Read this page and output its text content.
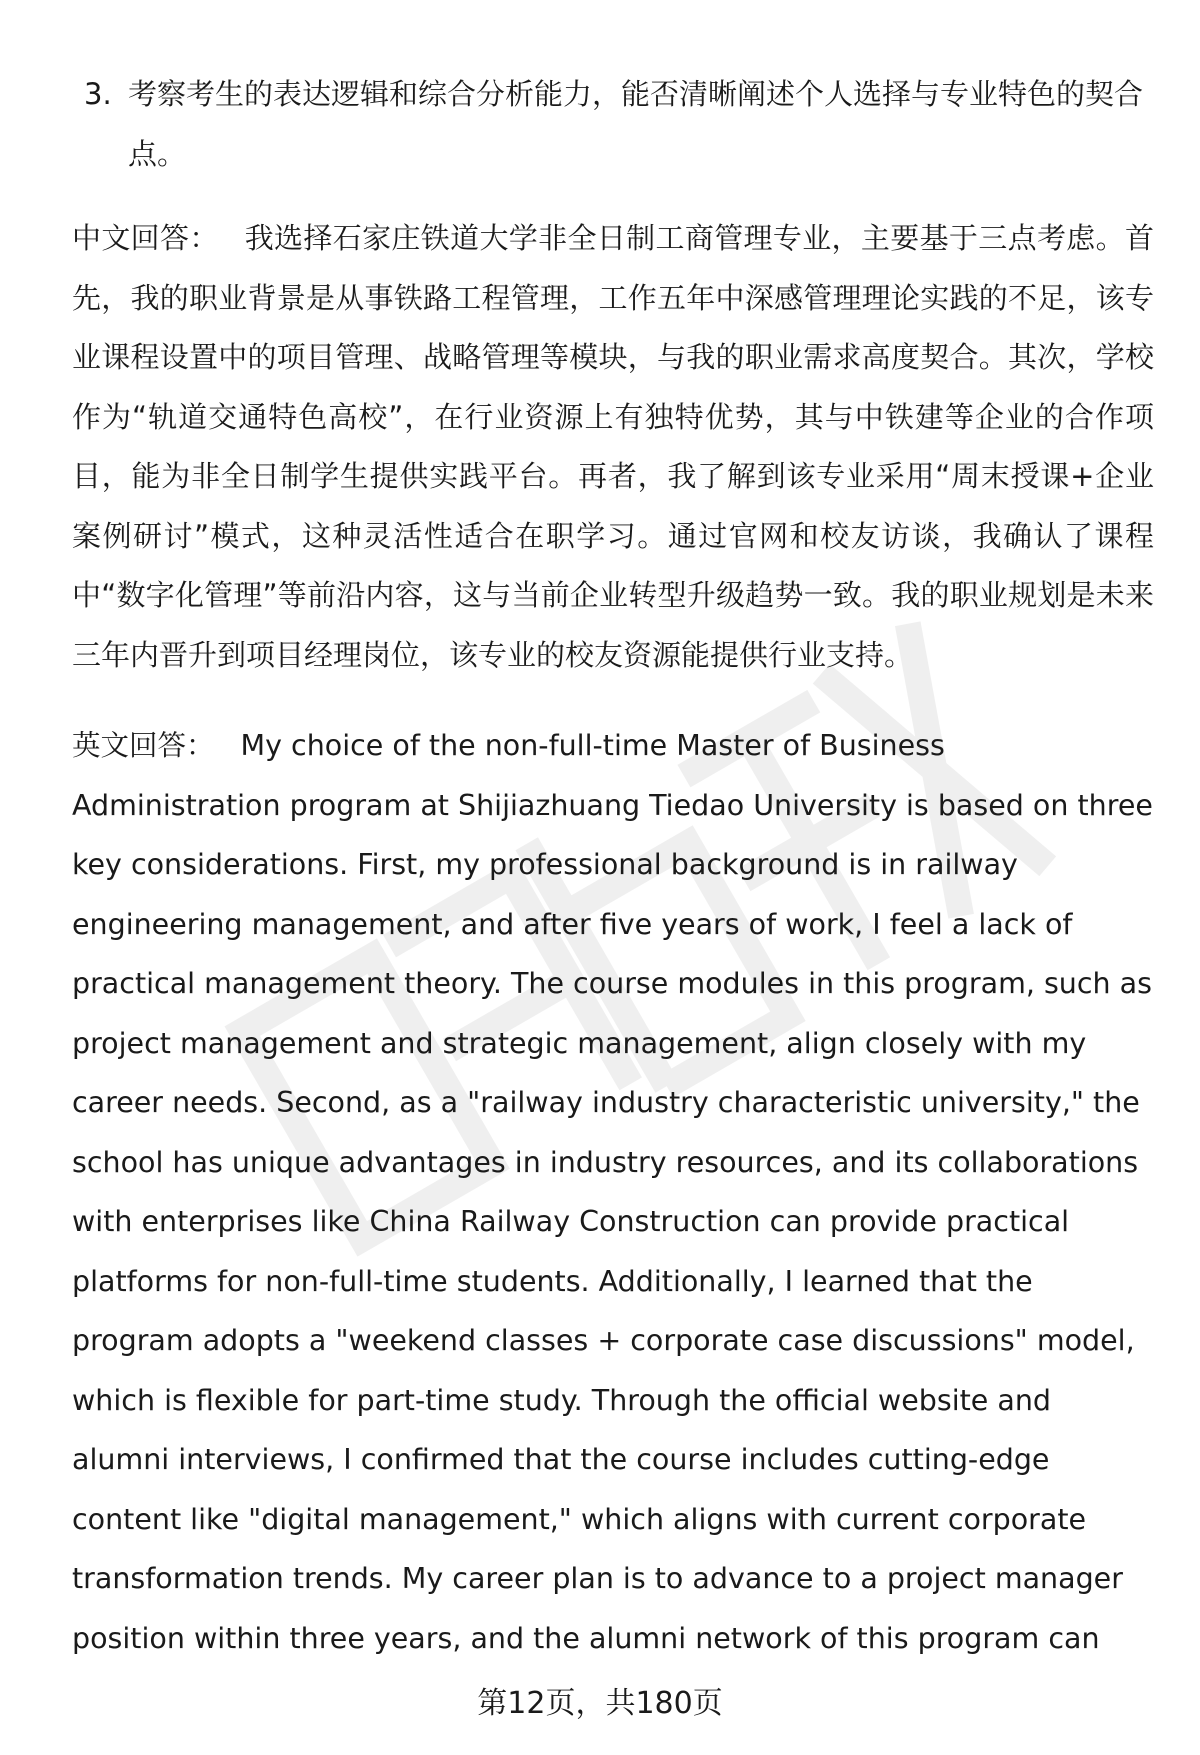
3. 考察考生的表达逻辑和综合分析能力，能否清晰阐述个人选择与专业特色的契合点。
中文回答： 我选择石家庄铁道大学非全日制工商管理专业，主要基于三点考虑。首先，我的职业背景是从事铁路工程管理，工作五年中深感管理理论实践的不足，该专业课程设置中的项目管理、战略管理等模块，与我的职业需求高度契合。其次，学校作为“轨道交通特色高校”，在行业资源上有独特优势，其与中铁建等企业的合作项目，能为非全日制学生提供实践平台。再者，我了解到该专业采用“周末授课+企业案例研讨”模式，这种灵活性适合在职学习。通过官网和校友访谈，我确认了课程中“数字化管理”等前沿内容，这与当前企业转型升级趋势一致。我的职业规划是未来三年内晋升到项目经理岗位，该专业的校友资源能提供行业支持。
英文回答： My choice of the non-full-time Master of Business Administration program at Shijiazhuang Tiedao University is based on three key considerations. First, my professional background is in railway engineering management, and after five years of work, I feel a lack of practical management theory. The course modules in this program, such as project management and strategic management, align closely with my career needs. Second, as a "railway industry characteristic university," the school has unique advantages in industry resources, and its collaborations with enterprises like China Railway Construction can provide practical platforms for non-full-time students. Additionally, I learned that the program adopts a "weekend classes + corporate case discussions" model, which is flexible for part-time study. Through the official website and alumni interviews, I confirmed that the course includes cutting-edge content like "digital management," which aligns with current corporate transformation trends. My career plan is to advance to a project manager position within three years, and the alumni network of this program can
第12页，共180页
